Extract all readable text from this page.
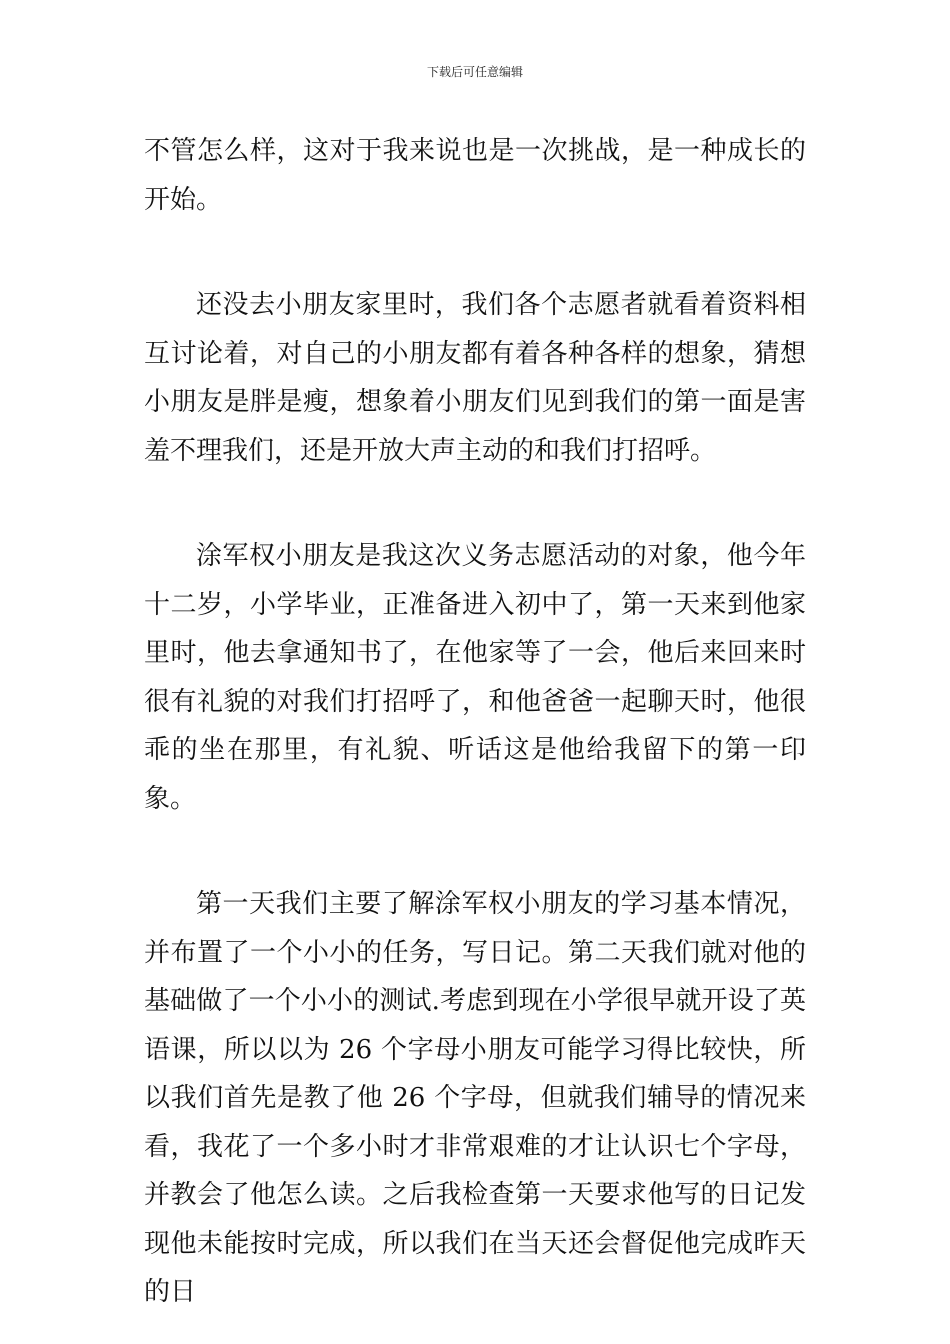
下载后可任意编辑

不管怎么样，这对于我来说也是一次挑战，是一种成长的开始。

还没去小朋友家里时，我们各个志愿者就看着资料相互讨论着，对自己的小朋友都有着各种各样的想象，猜想小朋友是胖是瘦，想象着小朋友们见到我们的第一面是害羞不理我们，还是开放大声主动的和我们打招呼。

涂军权小朋友是我这次义务志愿活动的对象，他今年十二岁，小学毕业，正准备进入初中了，第一天来到他家里时，他去拿通知书了，在他家等了一会，他后来回来时很有礼貌的对我们打招呼了，和他爸爸一起聊天时，他很乖的坐在那里，有礼貌、听话这是他给我留下的第一印象。

第一天我们主要了解涂军权小朋友的学习基本情况，并布置了一个小小的任务，写日记。第二天我们就对他的基础做了一个小小的测试.考虑到现在小学很早就开设了英语课，所以以为 26 个字母小朋友可能学习得比较快，所以我们首先是教了他 26 个字母，但就我们辅导的情况来看，我花了一个多小时才非常艰难的才让认识七个字母，并教会了他怎么读。之后我检查第一天要求他写的日记发现他未能按时完成，所以我们在当天还会督促他完成昨天的日
